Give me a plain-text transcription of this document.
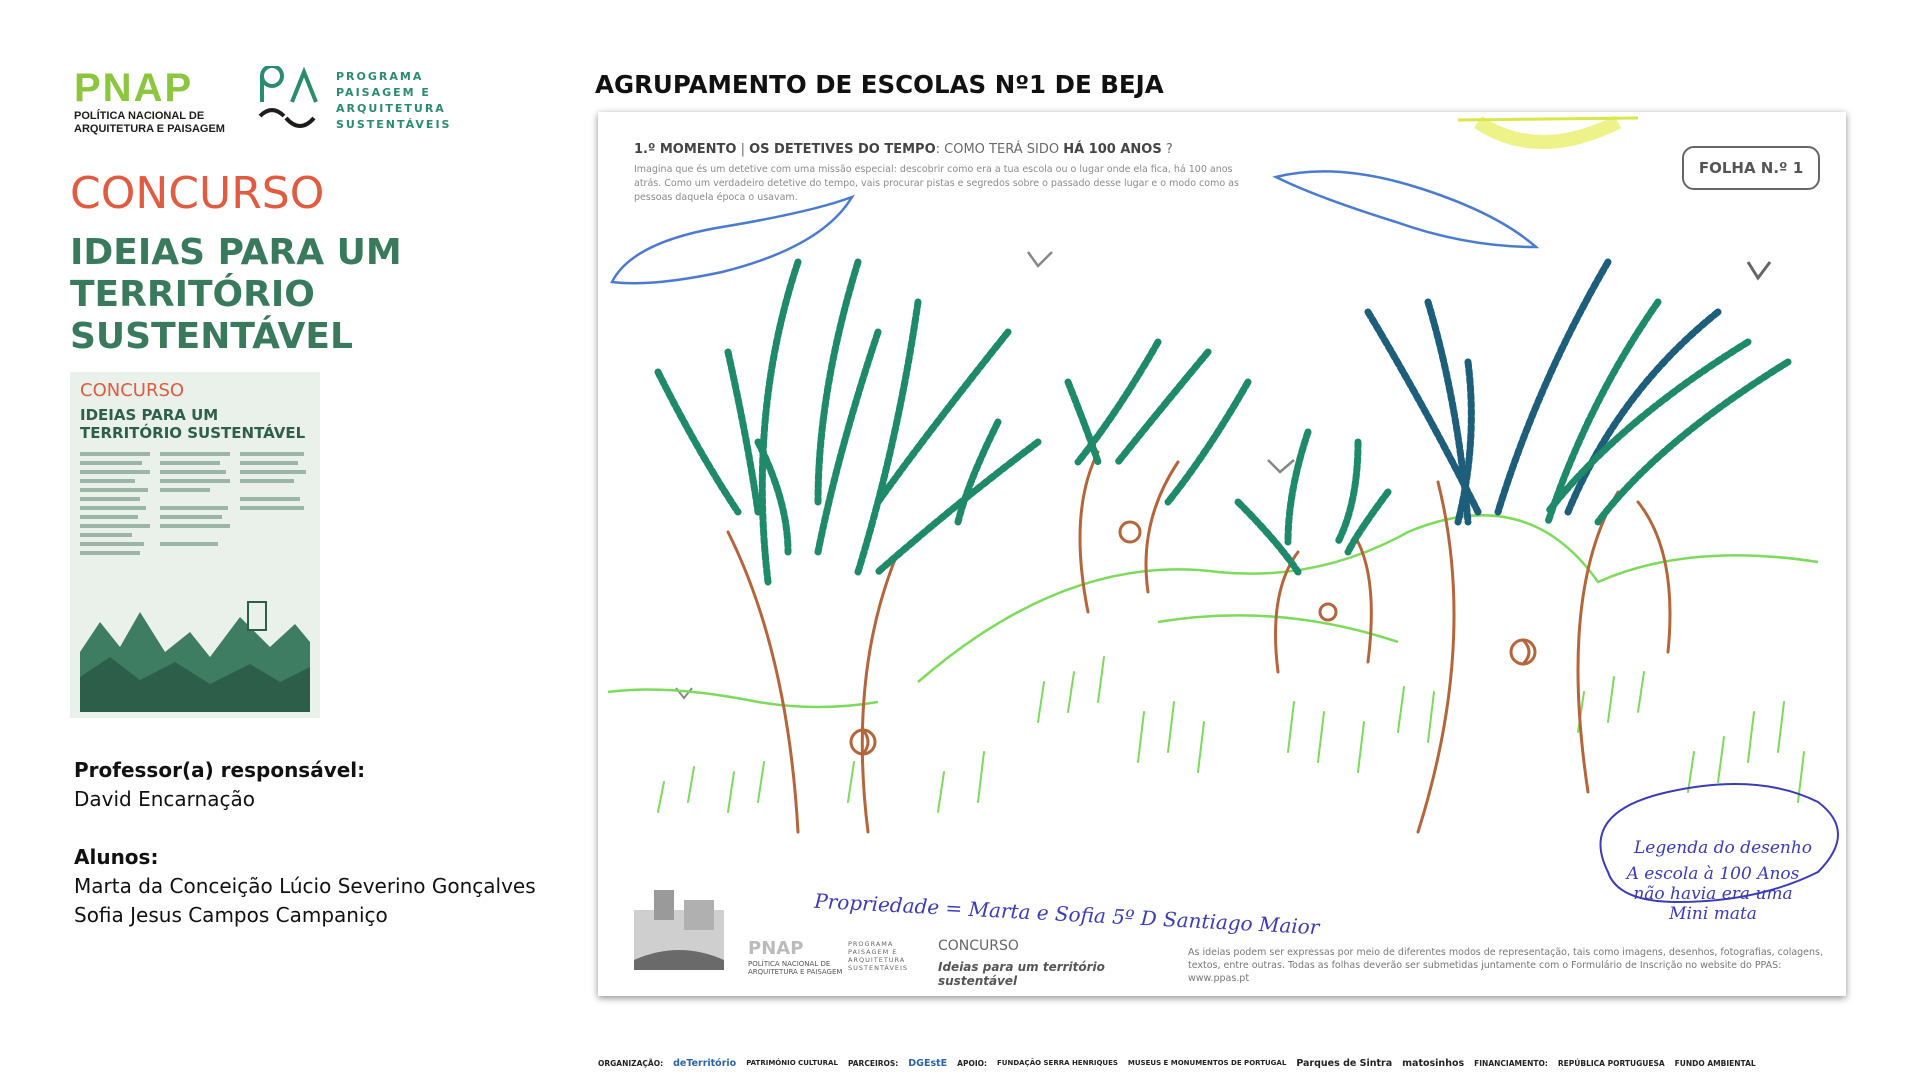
PNAP
POLÍTICA NACIONAL DE
ARQUITETURA E PAISAGEM
PROGRAMA
PAISAGEM E
ARQUITETURA
SUSTENTÁVEIS
CONCURSO
IDEIAS PARA UM
TERRITÓRIO
SUSTENTÁVEL
CONCURSO
IDEIAS PARA UM
TERRITÓRIO SUSTENTÁVEL
Professor(a) responsável:
David Encarnação
Alunos:
Marta da Conceição Lúcio Severino Gonçalves
Sofia Jesus Campos Campaniço
AGRUPAMENTO DE ESCOLAS Nº1 DE BEJA
1.º MOMENTO | OS DETETIVES DO TEMPO: COMO TERÁ SIDO HÁ 100 ANOS ?
Imagina que és um detetive com uma missão especial: descobrir como era a tua escola ou o lugar onde ela fica, há 100 anos atrás. Como um verdadeiro detetive do tempo, vais procurar pistas e segredos sobre o passado desse lugar e o modo como as pessoas daquela época o usavam.
FOLHA N.º 1
Legenda do desenho
A escola à 100 Anos não havia era uma Mini mata
Propriedade = Marta e Sofia 5º D Santiago Maior
PNAP
POLÍTICA NACIONAL DE
ARQUITETURA E PAISAGEM
PROGRAMA
PAISAGEM E
ARQUITETURA
SUSTENTÁVEIS
CONCURSO
Ideias para um território sustentável
As ideias podem ser expressas por meio de diferentes modos de representação, tais como imagens, desenhos, fotografias, colagens, textos, entre outras. Todas as folhas deverão ser submetidas juntamente com o Formulário de Inscrição no website do PPAS: www.ppas.pt
ORGANIZAÇÃO: deTerritório PATRIMÓNIO CULTURAL PARCEIROS: DGEstE APOIO: FUNDAÇÃO SERRA HENRIQUES MUSEUS E MONUMENTOS DE PORTUGAL Parques de Sintra matosinhos FINANCIAMENTO: REPÚBLICA PORTUGUESA FUNDO AMBIENTAL
